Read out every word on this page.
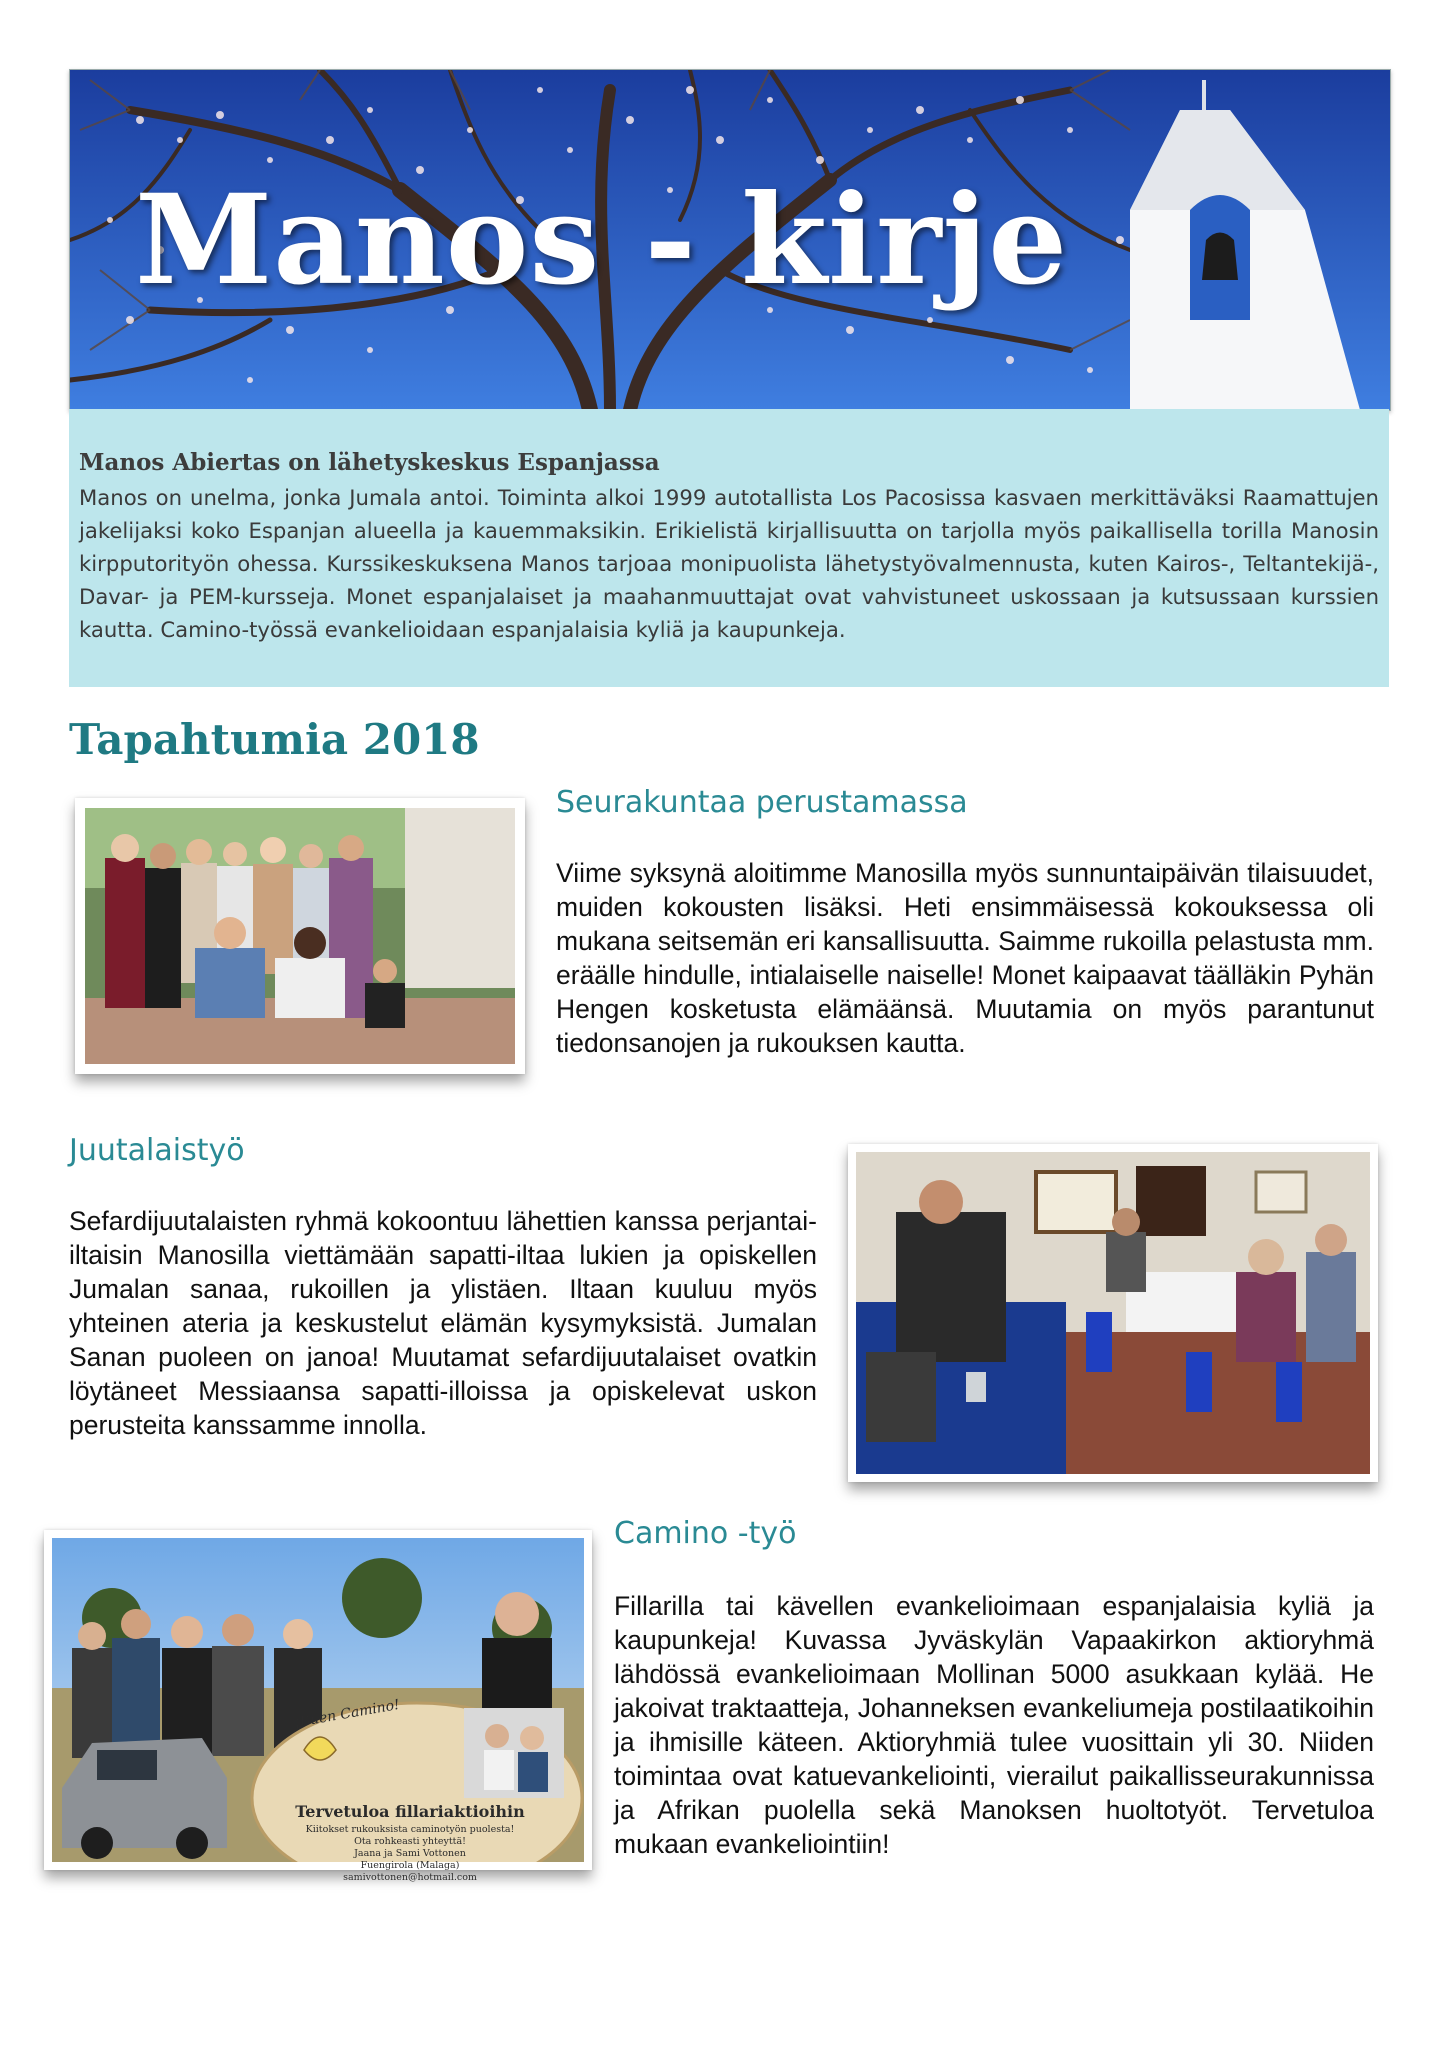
Manos - kirje
Manos Abiertas on lähetyskeskus Espanjassa

Manos on unelma, jonka Jumala antoi. Toiminta alkoi 1999 autotallista Los Pacosissa kasvaen merkittäväksi Raamattujen jakelijaksi koko Espanjan alueella ja kauemmaksikin. Erikielistä kirjallisuutta on tarjolla myös paikallisella torilla Manosin kirpputorityön ohessa. Kurssikeskuksena Manos tarjoaa monipuolista lähetystyövalmennusta, kuten Kairos-, Teltantekijä-, Davar- ja PEM-kursseja. Monet espanjalaiset ja maahanmuuttajat ovat vahvistuneet uskossaan ja kutsussaan kurssien kautta. Camino-työssä evankelioidaan espanjalaisia kyliä ja kaupunkeja.

Tapahtumia 2018
Seurakuntaa perustamassa

Viime syksynä aloitimme Manosilla myös sunnuntaipäivän tilaisuudet, muiden kokousten lisäksi. Heti ensimmäisessä kokouksessa oli mukana seitsemän eri kansallisuutta. Saimme rukoilla pelastusta mm. eräälle hindulle, intialaiselle naiselle! Monet kaipaavat täälläkin Pyhän Hengen kosketusta elämäänsä. Muutamia on myös parantunut tiedonsanojen ja rukouksen kautta.

Juutalaistyö

Sefardijuutalaisten ryhmä kokoontuu lähettien kanssa perjantai-iltaisin Manosilla viettämään sapatti-iltaa lukien ja opiskellen Jumalan sanaa, rukoillen ja ylistäen. Iltaan kuuluu myös yhteinen ateria ja keskustelut elämän kysymyksistä. Jumalan Sanan puoleen on janoa! Muutamat sefardijuutalaiset ovatkin löytäneet Messiaansa sapatti-illoissa ja opiskelevat uskon perusteita kanssamme innolla.

¡Buen Camino!
Tervetuloa fillariaktioihin
Kiitokset rukouksista caminotyön puolesta!
Ota rohkeasti yhteyttä!
Jaana ja Sami Vottonen
Fuengirola (Malaga)
samivottonen@hotmail.com
Camino -työ

Fillarilla tai kävellen evankelioimaan espanjalaisia kyliä ja kaupunkeja! Kuvassa Jyväskylän Vapaakirkon aktioryhmä lähdössä evankelioimaan Mollinan 5000 asukkaan kylää. He jakoivat traktaatteja, Johanneksen evankeliumeja postilaatikoihin ja ihmisille käteen. Aktioryhmiä tulee vuosittain yli 30. Niiden toimintaa ovat katuevankeliointi, vierailut paikallisseurakunnissa ja Afrikan puolella sekä Manoksen huoltotyöt. Tervetuloa mukaan evankeliointiin!
